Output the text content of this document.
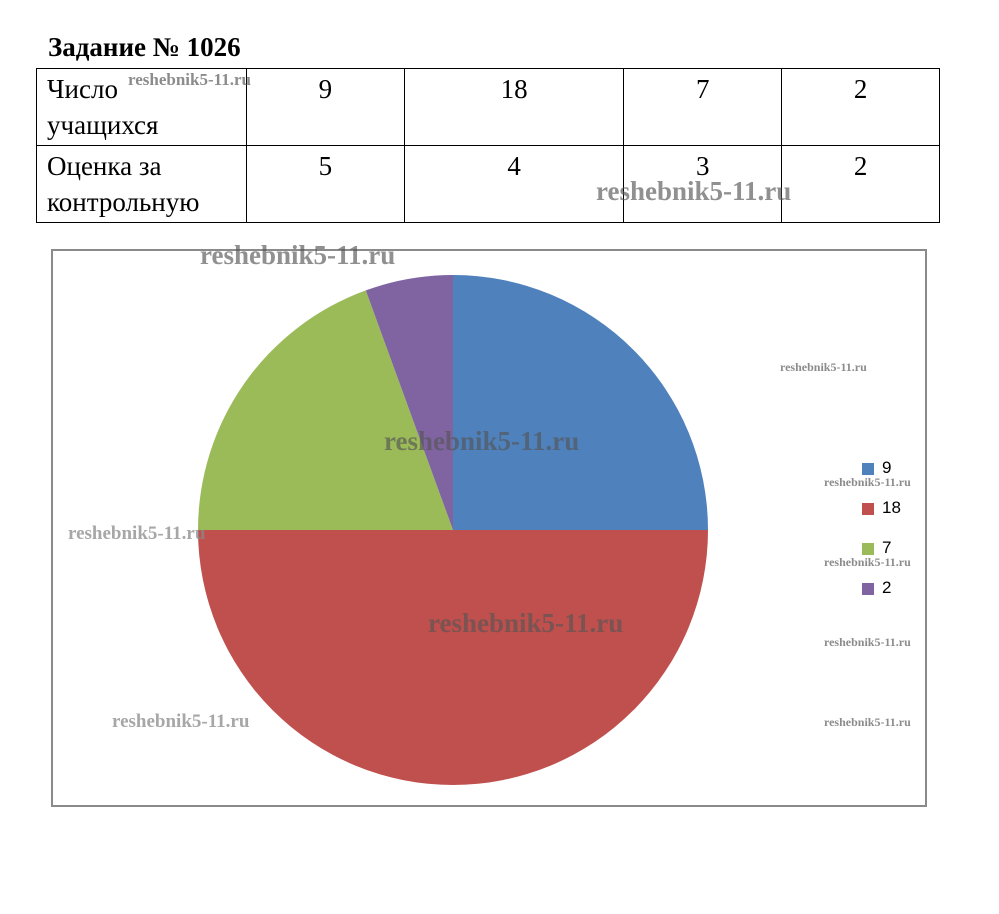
Задание № 1026
Число учащихся	9	18	7	2
Оценка за контрольную	5	4	3	2
9
18
7
2
reshebnik5-11.ru
reshebnik5-11.ru
reshebnik5-11.ru
reshebnik5-11.ru
reshebnik5-11.ru
reshebnik5-11.ru
reshebnik5-11.ru
reshebnik5-11.ru
reshebnik5-11.ru
reshebnik5-11.ru
reshebnik5-11.ru	reshebnik5-11.ru
